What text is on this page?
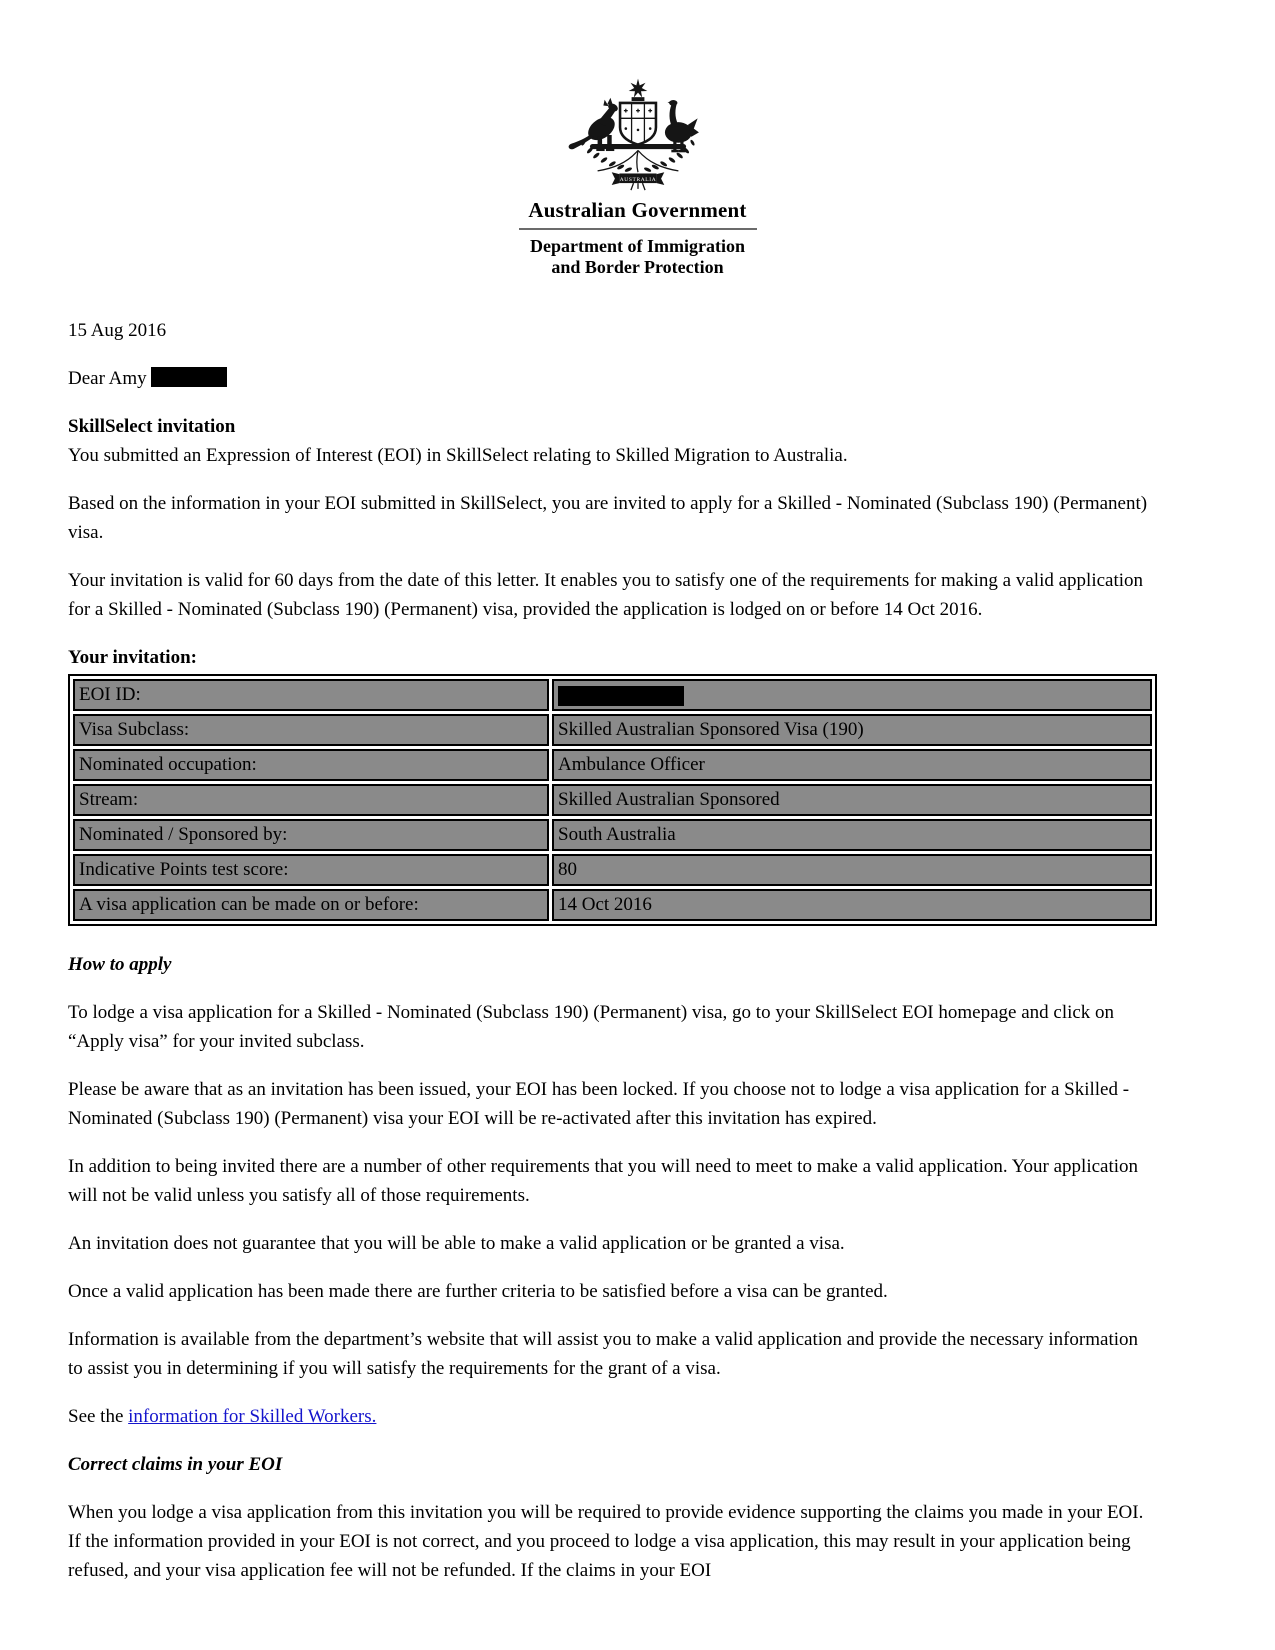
AUSTRALIA
Australian Government
Department of Immigration
and Border Protection

15 Aug 2016

Dear Amy

SkillSelect invitation

You submitted an Expression of Interest (EOI) in SkillSelect relating to Skilled Migration to Australia.

Based on the information in your EOI submitted in SkillSelect, you are invited to apply for a Skilled - Nominated (Subclass 190) (Permanent) visa.

Your invitation is valid for 60 days from the date of this letter. It enables you to satisfy one of the requirements for making a valid application for a Skilled - Nominated (Subclass 190) (Permanent) visa, provided the application is lodged on or before 14 Oct 2016.

Your invitation:

EOI ID:	
Visa Subclass:	Skilled Australian Sponsored Visa (190)
Nominated occupation:	Ambulance Officer
Stream:	Skilled Australian Sponsored
Nominated / Sponsored by:	South Australia
Indicative Points test score:	80
A visa application can be made on or before:	14 Oct 2016
How to apply

To lodge a visa application for a Skilled - Nominated (Subclass 190) (Permanent) visa, go to your SkillSelect EOI homepage and click on “Apply visa” for your invited subclass.

Please be aware that as an invitation has been issued, your EOI has been locked. If you choose not to lodge a visa application for a Skilled - Nominated (Subclass 190) (Permanent) visa your EOI will be re-activated after this invitation has expired.

In addition to being invited there are a number of other requirements that you will need to meet to make a valid application. Your application will not be valid unless you satisfy all of those requirements.

An invitation does not guarantee that you will be able to make a valid application or be granted a visa.

Once a valid application has been made there are further criteria to be satisfied before a visa can be granted.

Information is available from the department’s website that will assist you to make a valid application and provide the necessary information to assist you in determining if you will satisfy the requirements for the grant of a visa.

See the information for Skilled Workers.

Correct claims in your EOI

When you lodge a visa application from this invitation you will be required to provide evidence supporting the claims you made in your EOI. If the information provided in your EOI is not correct, and you proceed to lodge a visa application, this may result in your application being refused, and your visa application fee will not be refunded. If the claims in your EOI
